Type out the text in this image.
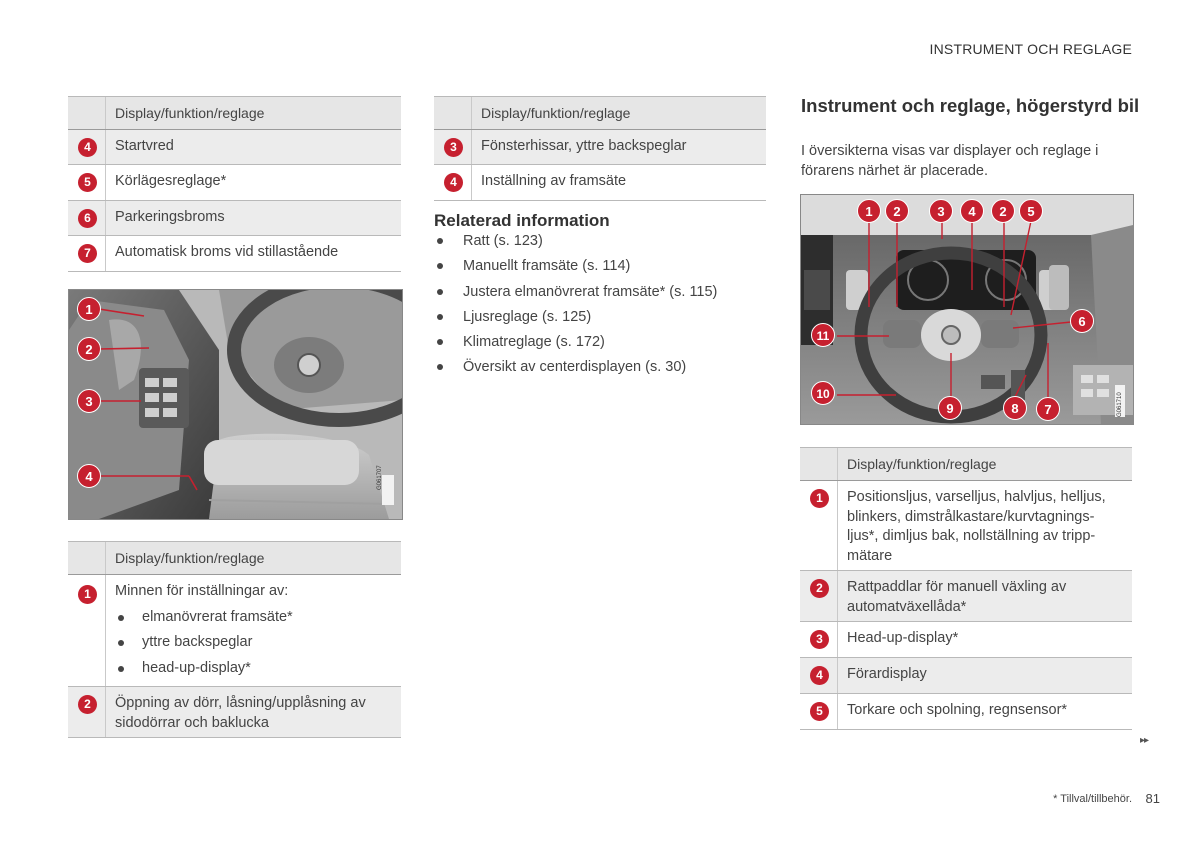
INSTRUMENT OCH REGLAGE
Display/funktion/reglage
4	Startvred
5	Körlägesreglage*
6	Parkeringsbroms
7	Automatisk broms vid stillastående
1
2
3
4	G061707
Display/funktion/reglage
1	Minnen för inställningar av:
elmanövrerat framsäte*
yttre backspeglar
head-up-display*
2	Öppning av dörr, låsning/upplåsning av sidodörrar och baklucka
Display/funktion/reglage
3	Fönsterhissar, yttre backspeglar
4	Inställning av framsäte
Relaterad information
Ratt (s. 123)
Manuellt framsäte (s. 114)
Justera elmanövrerat framsäte* (s. 115)
Ljusreglage (s. 125)
Klimatreglage (s. 172)
Översikt av centerdisplayen (s. 30)
Instrument och reglage, högerstyrd bil
I översikterna visas var displayer och reglage i förarens närhet är placerade.
1	2	3	4	2	5
6
7
8
9
10
11
G061710
Display/funktion/reglage
1	Positionsljus, varselljus, halvljus, helljus, blinkers, dimstrålkastare/kurvtagnings-ljus*, dimljus bak, nollställning av tripp-mätare
2	Rattpaddlar för manuell växling av automatväxellåda*
3	Head-up-display*
4	Förardisplay
5	Torkare och spolning, regnsensor*
▸▸
* Tillval/tillbehör. 81
